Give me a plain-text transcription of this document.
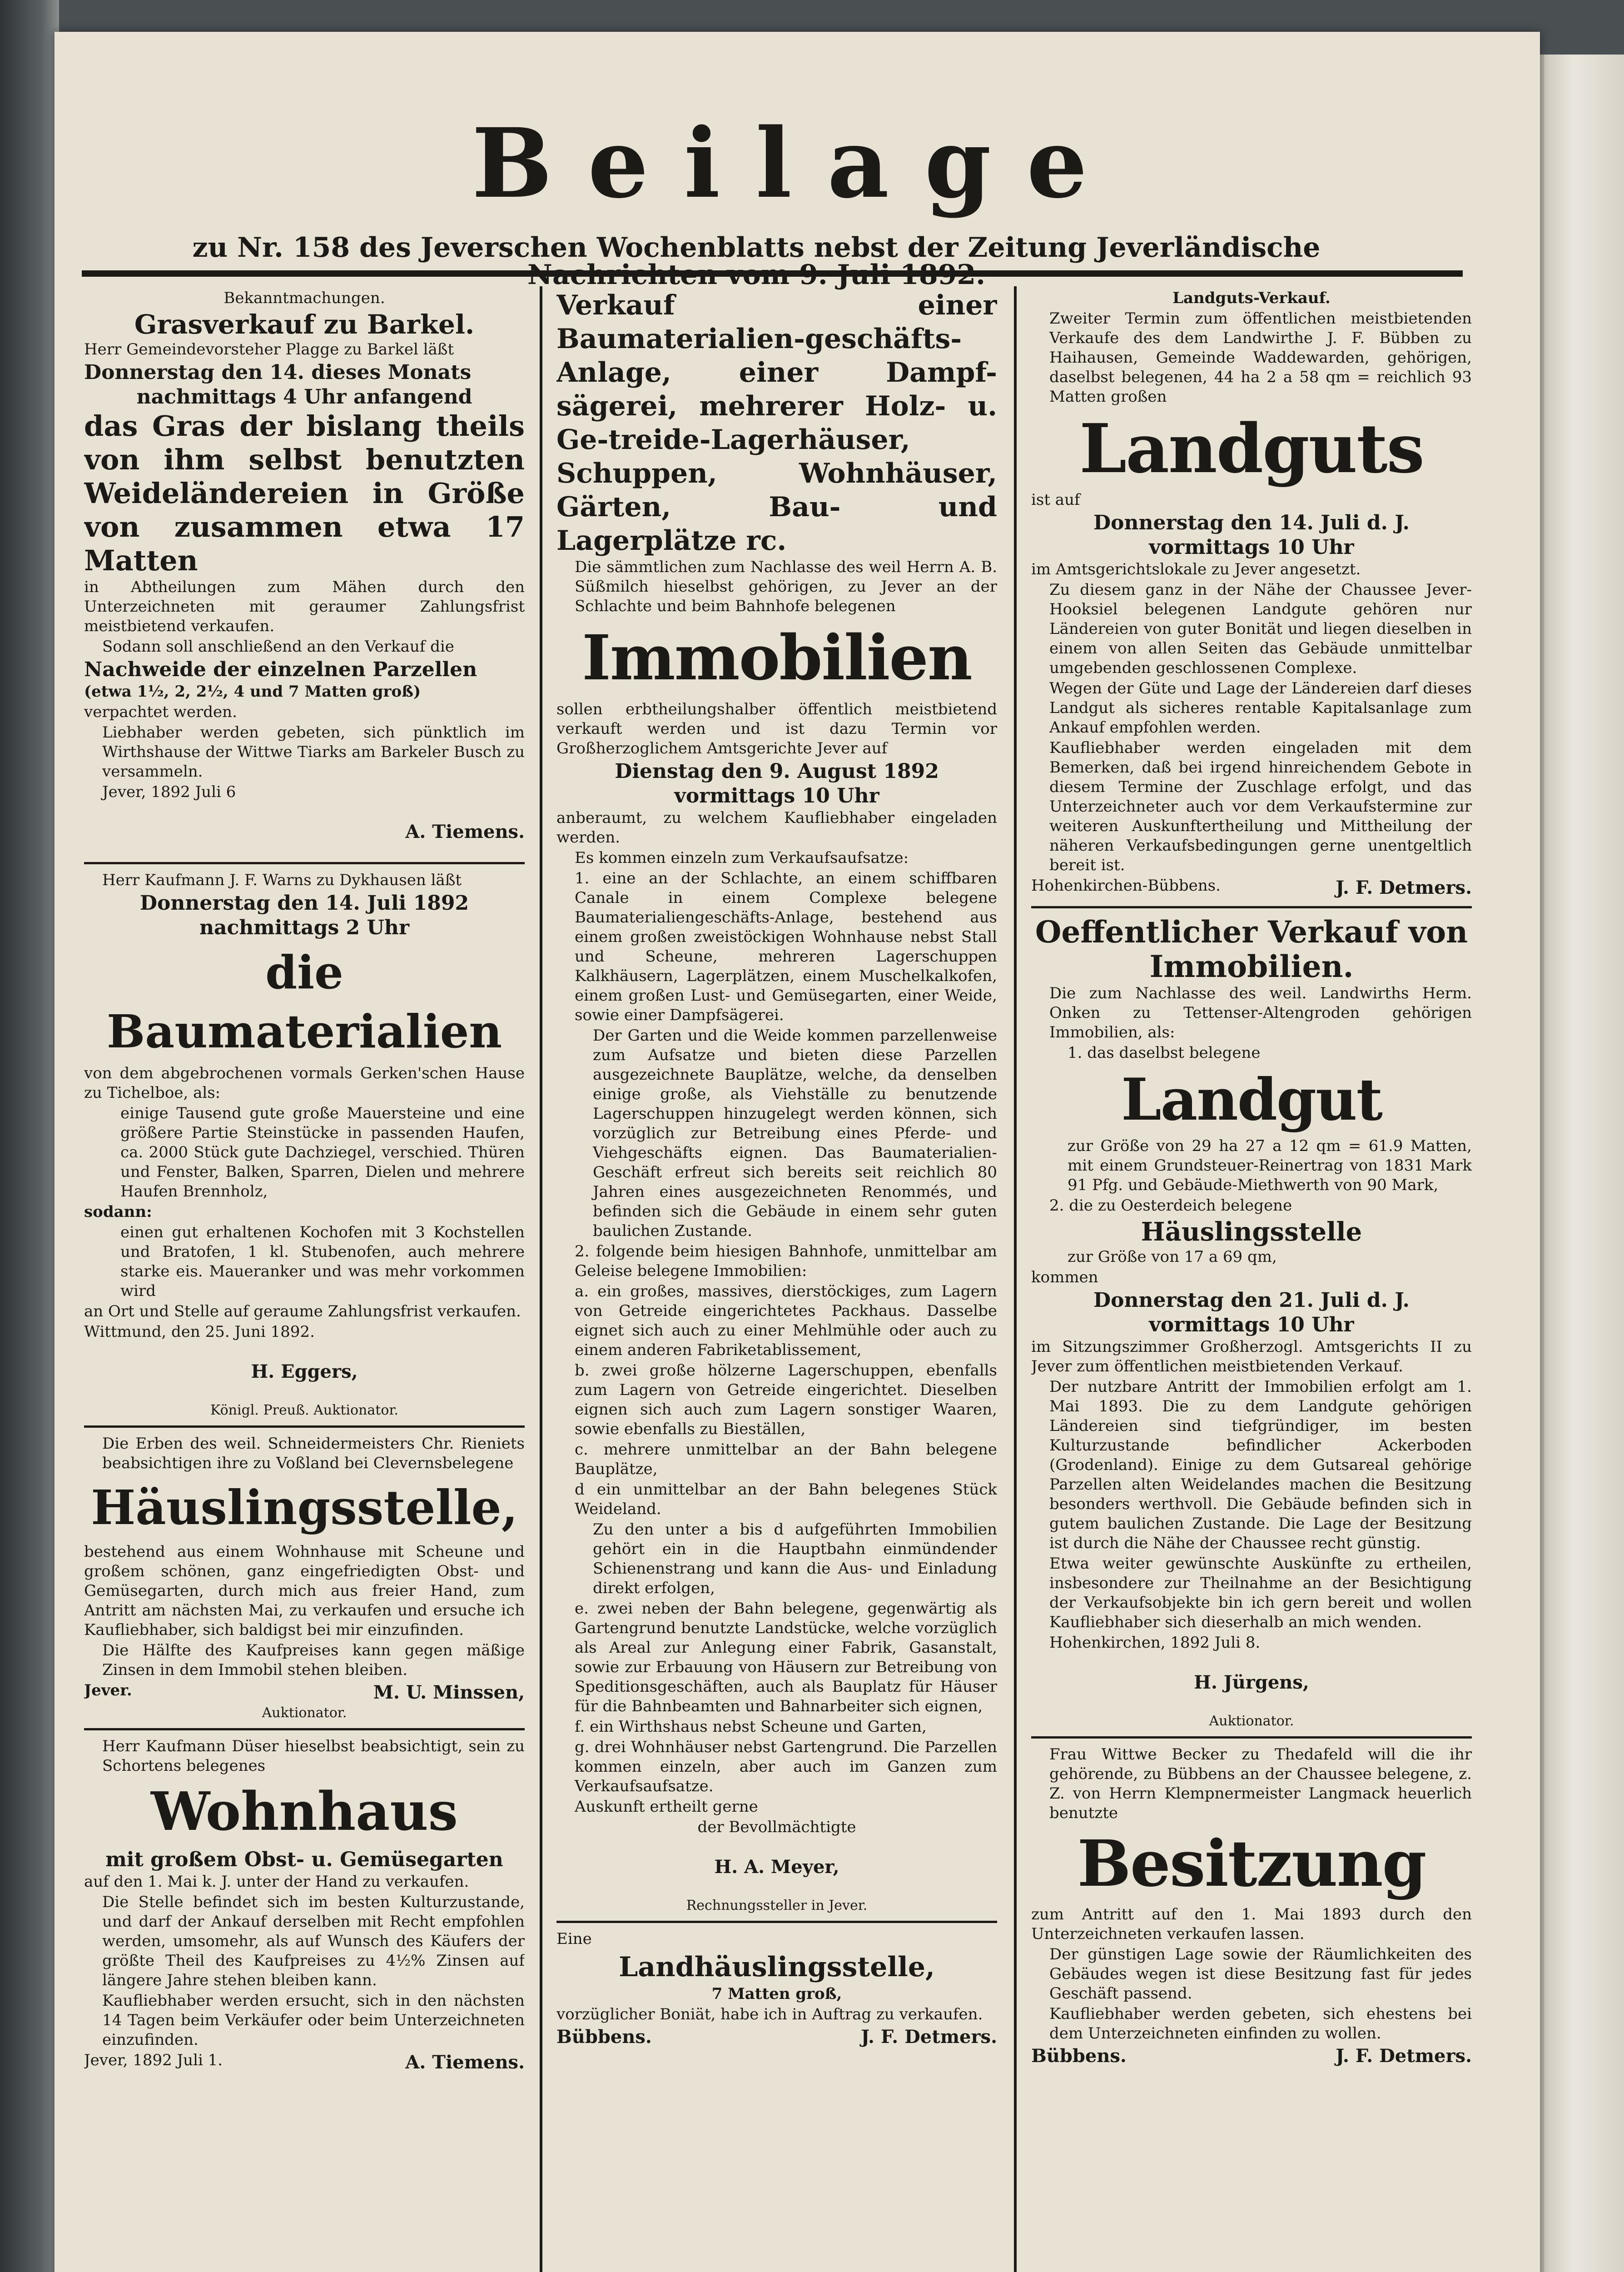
Beilage
zu Nr. 158 des Jeverschen Wochenblatts nebst der Zeitung Jeverländische

Bekanntmachungen.

Grasverkauf zu Barkel.

Herr Gemeindevorsteher Plagge zu Barkel läßt

Donnerstag den 14. dieses Monats

nachmittags 4 Uhr anfangend

das Gras der bislang theils von ihm selbst benutzten Weideländereien in Größe von zusammen etwa 17 Matten

in Abtheilungen zum Mähen durch den Unterzeichneten mit geraumer Zahlungsfrist meistbietend verkaufen.

Sodann soll anschließend an den Verkauf die

Nachweide der einzelnen Parzellen

(etwa 1½, 2, 2½, 4 und 7 Matten groß)

verpachtet werden.

Liebhaber werden gebeten, sich pünktlich im Wirthshause der Wittwe Tiarks am Barkeler Busch zu versammeln.

Jever, 1892 Juli 6

A. Tiemens.

Herr Kaufmann J. F. Warns zu Dykhausen läßt

Donnerstag den 14. Juli 1892

nachmittags 2 Uhr

die Baumaterialien

von dem abgebrochenen vormals Gerken'schen Hause zu Tichelboe, als:

einige Tausend gute große Mauersteine und eine größere Partie Steinstücke in passenden Haufen, ca. 2000 Stück gute Dachziegel, verschied. Thüren und Fenster, Balken, Sparren, Dielen und mehrere Haufen Brennholz,

sodann:

einen gut erhaltenen Kochofen mit 3 Kochstellen und Bratofen, 1 kl. Stubenofen, auch mehrere starke eis. Maueranker und was mehr vorkommen wird

an Ort und Stelle auf geraume Zahlungsfrist verkaufen.

Wittmund, den 25. Juni 1892.

H. Eggers,

Königl. Preuß. Auktionator.

Die Erben des weil. Schneidermeisters Chr. Rieniets beabsichtigen ihre zu Voßland bei Clevernsbelegene

Häuslingsstelle,

bestehend aus einem Wohnhause mit Scheune und großem schönen, ganz eingefriedigten Obst- und Gemüsegarten, durch mich aus freier Hand, zum Antritt am nächsten Mai, zu verkaufen und ersuche ich Kaufliebhaber, sich baldigst bei mir einzufinden.

Die Hälfte des Kaufpreises kann gegen mäßige Zinsen in dem Immobil stehen bleiben.

Jever.	M. U. Minssen,

Auktionator.

Herr Kaufmann Düser hieselbst beabsichtigt, sein zu Schortens belegenes

Wohnhaus

mit großem Obst- u. Gemüsegarten

auf den 1. Mai k. J. unter der Hand zu verkaufen.

Die Stelle befindet sich im besten Kulturzustande, und darf der Ankauf derselben mit Recht empfohlen werden, umsomehr, als auf Wunsch des Käufers der größte Theil des Kaufpreises zu 4½% Zinsen auf längere Jahre stehen bleiben kann.

Kaufliebhaber werden ersucht, sich in den nächsten 14 Tagen beim Verkäufer oder beim Unterzeichneten einzufinden.

Jever, 1892 Juli 1.	A. Tiemens.

Verkauf einer Baumaterialien-geschäfts-Anlage, einer Dampf-sägerei, mehrerer Holz- u. Ge-treide-Lagerhäuser, Schuppen, Wohnhäuser, Gärten, Bau- und Lagerplätze rc.

Die sämmtlichen zum Nachlasse des weil Herrn A. B. Süßmilch hieselbst gehörigen, zu Jever an der Schlachte und beim Bahnhofe belegenen

Immobilien

sollen erbtheilungshalber öffentlich meistbietend verkauft werden und ist dazu Termin vor Großherzoglichem Amtsgerichte Jever auf

Dienstag den 9. August 1892

vormittags 10 Uhr

anberaumt, zu welchem Kaufliebhaber eingeladen werden.

Es kommen einzeln zum Verkaufsaufsatze:

1. eine an der Schlachte, an einem schiffbaren Canale in einem Complexe belegene Baumaterialiengeschäfts-Anlage, bestehend aus einem großen zweistöckigen Wohnhause nebst Stall und Scheune, mehreren Lagerschuppen Kalkhäusern, Lagerplätzen, einem Muschelkalkofen, einem großen Lust- und Gemüsegarten, einer Weide, sowie einer Dampfsägerei.

Der Garten und die Weide kommen parzellenweise zum Aufsatze und bieten diese Parzellen ausgezeichnete Bauplätze, welche, da denselben einige große, als Viehställe zu benutzende Lagerschuppen hinzugelegt werden können, sich vorzüglich zur Betreibung eines Pferde- und Viehgeschäfts eignen. Das Baumaterialien-Geschäft erfreut sich bereits seit reichlich 80 Jahren eines ausgezeichneten Renommés, und befinden sich die Gebäude in einem sehr guten baulichen Zustande.

2. folgende beim hiesigen Bahnhofe, unmittelbar am Geleise belegene Immobilien:

a. ein großes, massives, dierstöckiges, zum Lagern von Getreide eingerichtetes Packhaus. Dasselbe eignet sich auch zu einer Mehlmühle oder auch zu einem anderen Fabriketablissement,

b. zwei große hölzerne Lagerschuppen, ebenfalls zum Lagern von Getreide eingerichtet. Dieselben eignen sich auch zum Lagern sonstiger Waaren, sowie ebenfalls zu Bieställen,

c. mehrere unmittelbar an der Bahn belegene Bauplätze,

d ein unmittelbar an der Bahn belegenes Stück Weideland.

Zu den unter a bis d aufgeführten Immobilien gehört ein in die Hauptbahn einmündender Schienenstrang und kann die Aus- und Einladung direkt erfolgen,

e. zwei neben der Bahn belegene, gegenwärtig als Gartengrund benutzte Landstücke, welche vorzüglich als Areal zur Anlegung einer Fabrik, Gasanstalt, sowie zur Erbauung von Häusern zur Betreibung von Speditionsgeschäften, auch als Bauplatz für Häuser für die Bahnbeamten und Bahnarbeiter sich eignen,

f. ein Wirthshaus nebst Scheune und Garten,

g. drei Wohnhäuser nebst Gartengrund. Die Parzellen kommen einzeln, aber auch im Ganzen zum Verkaufsaufsatze.

Auskunft ertheilt gerne

der Bevollmächtigte

H. A. Meyer,

Rechnungssteller in Jever.

Eine

Landhäuslingsstelle,

7 Matten groß,

vorzüglicher Boniät, habe ich in Auftrag zu verkaufen.

Bübbens.	J. F. Detmers.

Landguts-Verkauf.

Zweiter Termin zum öffentlichen meistbietenden Verkaufe des dem Landwirthe J. F. Bübben zu Haihausen, Gemeinde Waddewarden, gehörigen, daselbst belegenen, 44 ha 2 a 58 qm = reichlich 93 Matten großen

Landguts

ist auf

Donnerstag den 14. Juli d. J.

vormittags 10 Uhr

im Amtsgerichtslokale zu Jever angesetzt.

Zu diesem ganz in der Nähe der Chaussee Jever-Hooksiel belegenen Landgute gehören nur Ländereien von guter Bonität und liegen dieselben in einem von allen Seiten das Gebäude unmittelbar umgebenden geschlossenen Complexe.

Wegen der Güte und Lage der Ländereien darf dieses Landgut als sicheres rentable Kapitalsanlage zum Ankauf empfohlen werden.

Kaufliebhaber werden eingeladen mit dem Bemerken, daß bei irgend hinreichendem Gebote in diesem Termine der Zuschlage erfolgt, und das Unterzeichneter auch vor dem Verkaufstermine zur weiteren Auskunftertheilung und Mittheilung der näheren Verkaufsbedingungen gerne unentgeltlich bereit ist.

Hohenkirchen-Bübbens.	J. F. Detmers.

Oeffentlicher Verkauf von Immobilien.

Die zum Nachlasse des weil. Landwirths Herm. Onken zu Tettenser-Altengroden gehörigen Immobilien, als:

1. das daselbst belegene

Landgut

zur Größe von 29 ha 27 a 12 qm = 61.9 Matten, mit einem Grundsteuer-Reinertrag von 1831 Mark 91 Pfg. und Gebäude-Miethwerth von 90 Mark,

2. die zu Oesterdeich belegene

Häuslingsstelle

zur Größe von 17 a 69 qm,

kommen

Donnerstag den 21. Juli d. J.

vormittags 10 Uhr

im Sitzungszimmer Großherzogl. Amtsgerichts II zu Jever zum öffentlichen meistbietenden Verkauf.

Der nutzbare Antritt der Immobilien erfolgt am 1. Mai 1893. Die zu dem Landgute gehörigen Ländereien sind tiefgründiger, im besten Kulturzustande befindlicher Ackerboden (Grodenland). Einige zu dem Gutsareal gehörige Parzellen alten Weidelandes machen die Besitzung besonders werthvoll. Die Gebäude befinden sich in gutem baulichen Zustande. Die Lage der Besitzung ist durch die Nähe der Chaussee recht günstig.

Etwa weiter gewünschte Auskünfte zu ertheilen, insbesondere zur Theilnahme an der Besichtigung der Verkaufsobjekte bin ich gern bereit und wollen Kaufliebhaber sich dieserhalb an mich wenden.

Hohenkirchen, 1892 Juli 8.

H. Jürgens,

Auktionator.

Frau Wittwe Becker zu Thedafeld will die ihr gehörende, zu Bübbens an der Chaussee belegene, z. Z. von Herrn Klempnermeister Langmack heuerlich benutzte

Besitzung

zum Antritt auf den 1. Mai 1893 durch den Unterzeichneten verkaufen lassen.

Der günstigen Lage sowie der Räumlichkeiten des Gebäudes wegen ist diese Besitzung fast für jedes Geschäft passend.

Kaufliebhaber werden gebeten, sich ehestens bei dem Unterzeichneten einfinden zu wollen.

Bübbens.	J. F. Detmers.
